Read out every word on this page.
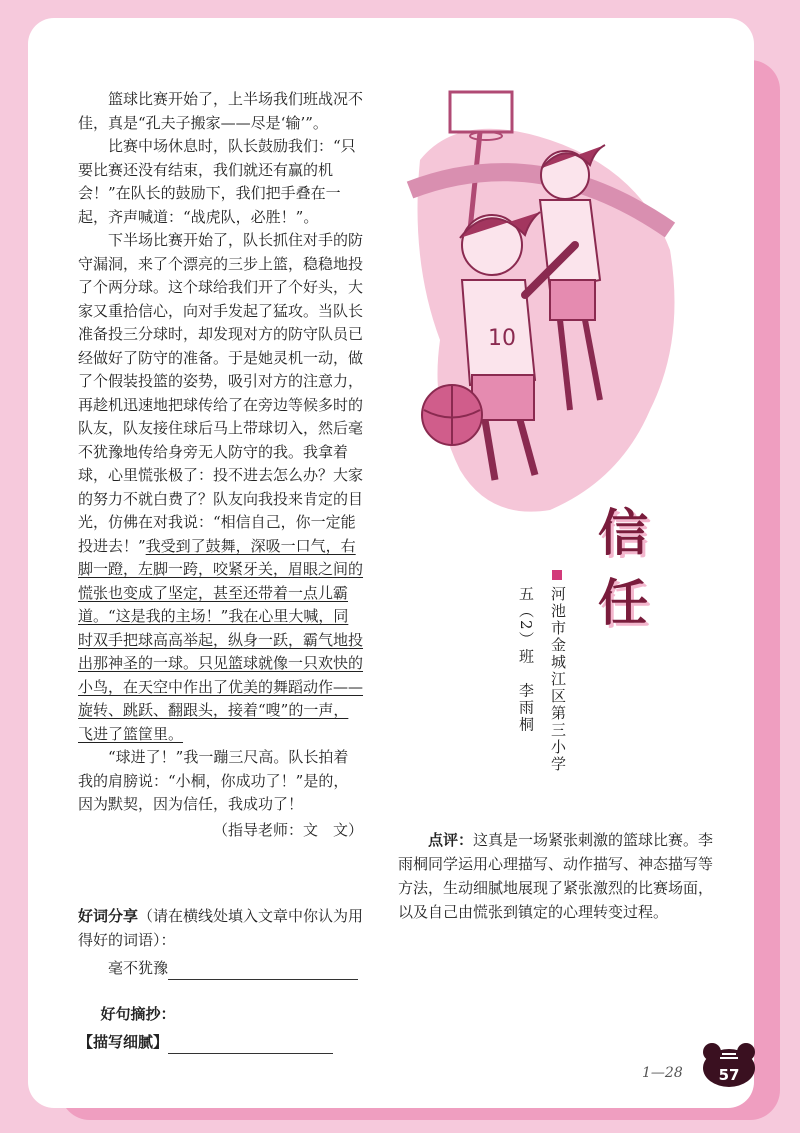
篮球比赛开始了，上半场我们班战况不佳，真是“孔夫子搬家——尽是‘输’”。

比赛中场休息时，队长鼓励我们：“只要比赛还没有结束，我们就还有赢的机会！”在队长的鼓励下，我们把手叠在一起，齐声喊道：“战虎队，必胜！”。

下半场比赛开始了，队长抓住对手的防守漏洞，来了个漂亮的三步上篮，稳稳地投了个两分球。这个球给我们开了个好头，大家又重拾信心，向对手发起了猛攻。当队长准备投三分球时，却发现对方的防守队员已经做好了防守的准备。于是她灵机一动，做了个假装投篮的姿势，吸引对方的注意力，再趁机迅速地把球传给了在旁边等候多时的队友，队友接住球后马上带球切入，然后毫不犹豫地传给身旁无人防守的我。我拿着球，心里慌张极了：投不进去怎么办？大家的努力不就白费了？队友向我投来肯定的目光，仿佛在对我说：“相信自己，你一定能投进去！”我受到了鼓舞，深吸一口气，右脚一蹬，左脚一跨，咬紧牙关，眉眼之间的慌张也变成了坚定，甚至还带着一点儿霸道。“这是我的主场！”我在心里大喊，同时双手把球高高举起，纵身一跃，霸气地投出那神圣的一球。只见篮球就像一只欢快的小鸟，在天空中作出了优美的舞蹈动作——旋转、跳跃、翻跟头，接着“嗖”的一声，飞进了篮筐里。

“球进了！”我一蹦三尺高。队长拍着我的肩膀说：“小桐，你成功了！”是的，因为默契，因为信任，我成功了！

（指导老师：文　文）
10
信
任
河池市金城江区第三小学
五（2）班　李雨桐
点评：这真是一场紧张刺激的篮球比赛。李雨桐同学运用心理描写、动作描写、神态描写等方法，生动细腻地展现了紧张激烈的比赛场面，以及自己由慌张到镇定的心理转变过程。
好词分享（请在横线处填入文章中你认为用得好的词语）：
毫不犹豫
好句摘抄：
【描写细腻】
1—28 57
